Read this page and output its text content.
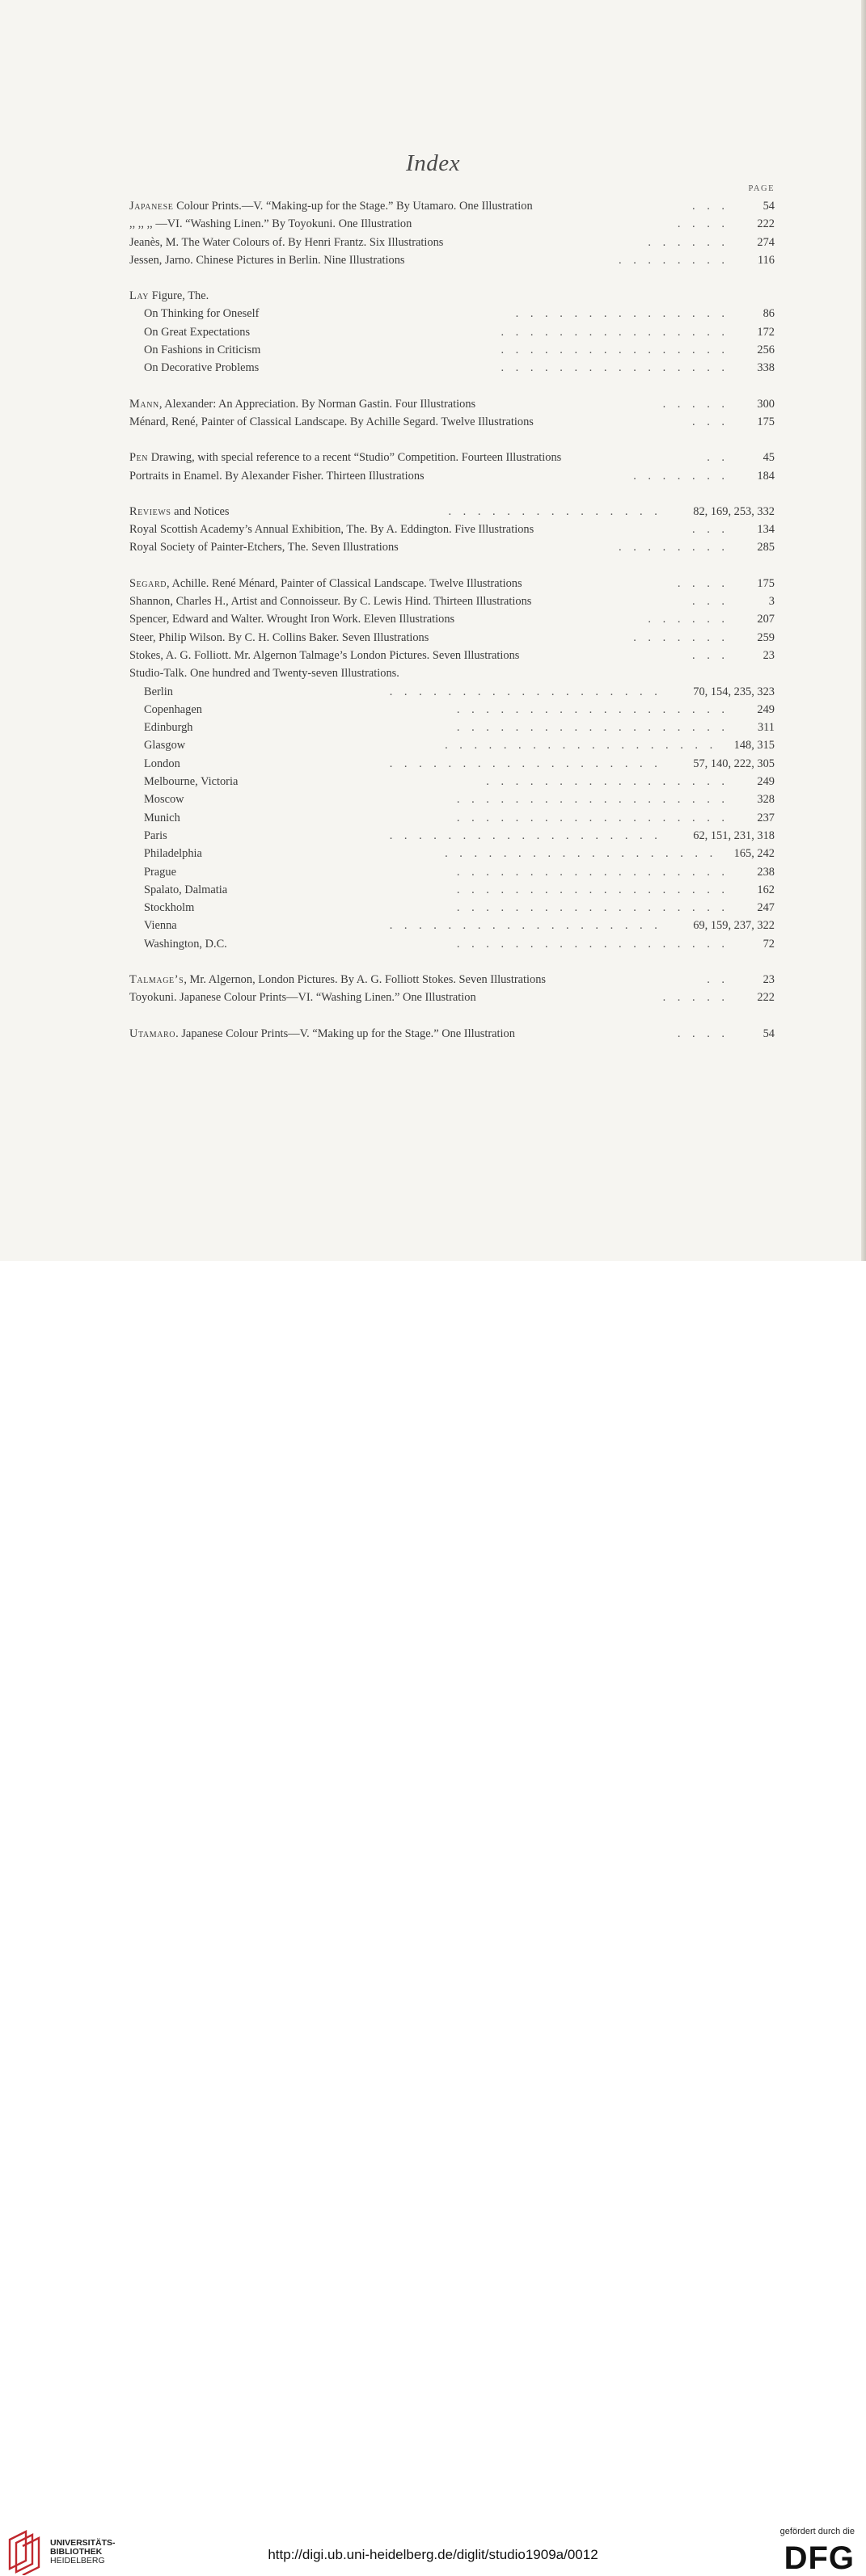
Index
PAGE
Japanese Colour Prints.—V. “Making-up for the Stage.” By Utamaro. One Illustration	. . .	54
,, ,, ,, —VI. “Washing Linen.” By Toyokuni. One Illustration	. . . .	222
Jeanès, M. The Water Colours of. By Henri Frantz. Six Illustrations	. . . . . .	274
Jessen, Jarno. Chinese Pictures in Berlin. Nine Illustrations	. . . . . . . .	116
Lay Figure, The.
On Thinking for Oneself	. . . . . . . . . . . . . . .	86
On Great Expectations	. . . . . . . . . . . . . . . .	172
On Fashions in Criticism	. . . . . . . . . . . . . . . .	256
On Decorative Problems	. . . . . . . . . . . . . . . .	338
Mann, Alexander: An Appreciation. By Norman Gastin. Four Illustrations	. . . . .	300
Ménard, René, Painter of Classical Landscape. By Achille Segard. Twelve Illustrations	. . .	175
Pen Drawing, with special reference to a recent “Studio” Competition. Fourteen Illustrations	. .	45
Portraits in Enamel. By Alexander Fisher. Thirteen Illustrations	. . . . . . .	184
Reviews and Notices	. . . . . . . . . . . . . . .	82, 169, 253, 332
Royal Scottish Academy’s Annual Exhibition, The. By A. Eddington. Five Illustrations	. . .	134
Royal Society of Painter-Etchers, The. Seven Illustrations	. . . . . . . .	285
Segard, Achille. René Ménard, Painter of Classical Landscape. Twelve Illustrations	. . . .	175
Shannon, Charles H., Artist and Connoisseur. By C. Lewis Hind. Thirteen Illustrations	. . .	3
Spencer, Edward and Walter. Wrought Iron Work. Eleven Illustrations	. . . . . .	207
Steer, Philip Wilson. By C. H. Collins Baker. Seven Illustrations	. . . . . . .	259
Stokes, A. G. Folliott. Mr. Algernon Talmage’s London Pictures. Seven Illustrations	. . .	23
Studio-Talk. One hundred and Twenty-seven Illustrations.
Berlin	. . . . . . . . . . . . . . . . . . .	70, 154, 235, 323
Copenhagen	. . . . . . . . . . . . . . . . . . .	249
Edinburgh	. . . . . . . . . . . . . . . . . . .	311
Glasgow	. . . . . . . . . . . . . . . . . . . 148, 315
London	. . . . . . . . . . . . . . . . . . .	57, 140, 222, 305
Melbourne, Victoria	. . . . . . . . . . . . . . . . .	249
Moscow	. . . . . . . . . . . . . . . . . . .	328
Munich	. . . . . . . . . . . . . . . . . . .	237
Paris	. . . . . . . . . . . . . . . . . . .	62, 151, 231, 318
Philadelphia	. . . . . . . . . . . . . . . . . . . 165, 242
Prague	. . . . . . . . . . . . . . . . . . .	238
Spalato, Dalmatia	. . . . . . . . . . . . . . . . . . .	162
Stockholm	. . . . . . . . . . . . . . . . . . .	247
Vienna	. . . . . . . . . . . . . . . . . . .	69, 159, 237, 322
Washington, D.C.	. . . . . . . . . . . . . . . . . . .	72
Talmage’s, Mr. Algernon, London Pictures. By A. G. Folliott Stokes. Seven Illustrations	. .	23
Toyokuni. Japanese Colour Prints—VI. “Washing Linen.” One Illustration	. . . . .	222
Utamaro. Japanese Colour Prints—V. “Making up for the Stage.” One Illustration	. . . .	54
UNIVERSITÄTS-
BIBLIOTHEK
HEIDELBERG	http://digi.ub.uni-heidelberg.de/diglit/studio1909a/0012
gefördert durch die
DFG
